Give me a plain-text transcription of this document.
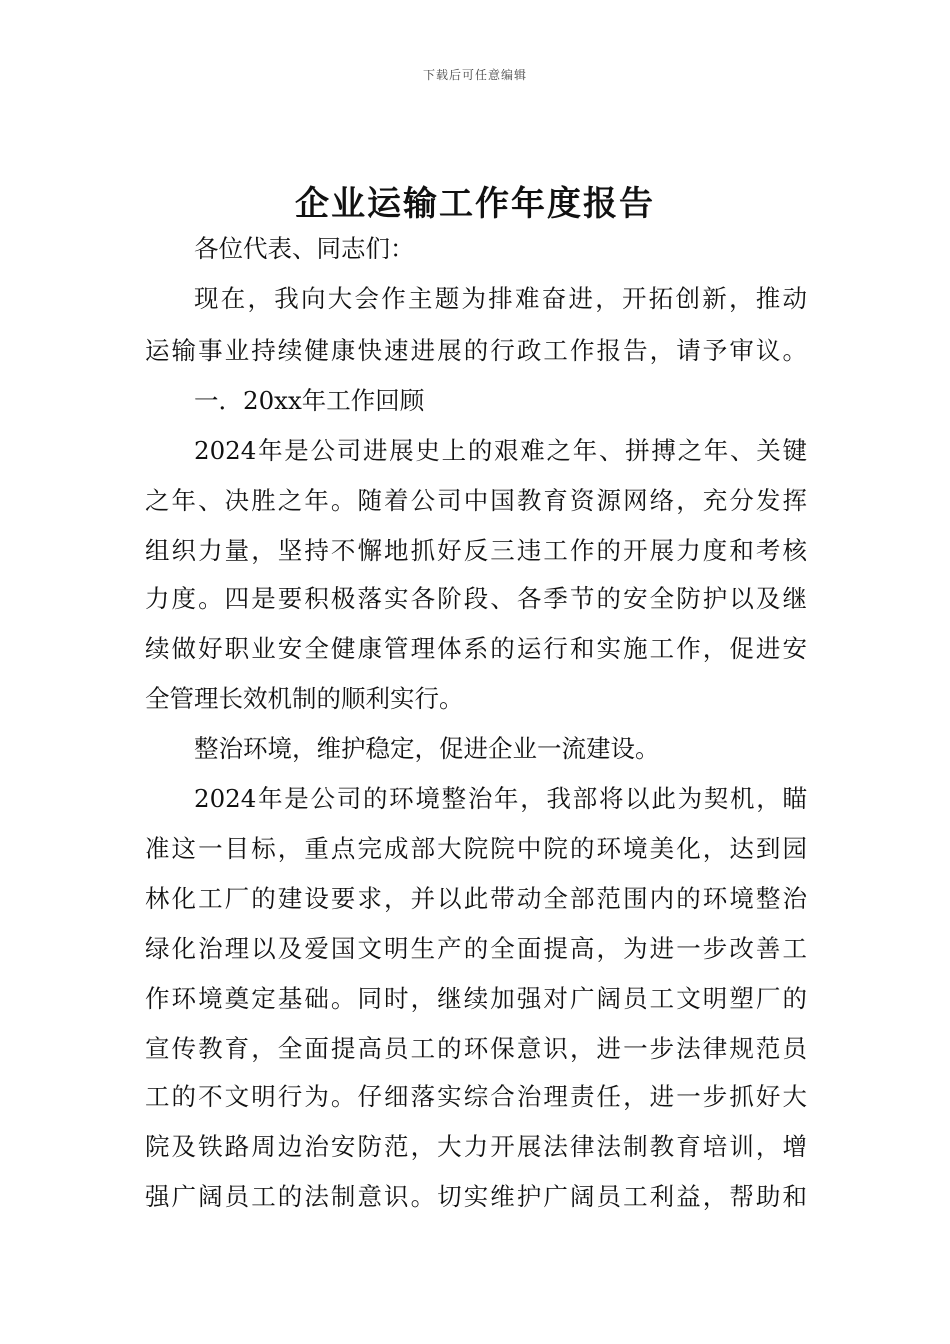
下载后可任意编辑
企业运输工作年度报告
各位代表、同志们：
现在，我向大会作主题为排难奋进，开拓创新，推动
运输事业持续健康快速进展的行政工作报告，请予审议。
一．20xx年工作回顾
2024年是公司进展史上的艰难之年、拼搏之年、关键
之年、决胜之年。随着公司中国教育资源网络，充分发挥
组织力量，坚持不懈地抓好反三违工作的开展力度和考核
力度。四是要积极落实各阶段、各季节的安全防护以及继
续做好职业安全健康管理体系的运行和实施工作，促进安
全管理长效机制的顺利实行。
整治环境，维护稳定，促进企业一流建设。
2024年是公司的环境整治年，我部将以此为契机，瞄
准这一目标，重点完成部大院院中院的环境美化，达到园
林化工厂的建设要求，并以此带动全部范围内的环境整治
绿化治理以及爱国文明生产的全面提高，为进一步改善工
作环境奠定基础。同时，继续加强对广阔员工文明塑厂的
宣传教育，全面提高员工的环保意识，进一步法律规范员
工的不文明行为。仔细落实综合治理责任，进一步抓好大
院及铁路周边治安防范，大力开展法律法制教育培训，增
强广阔员工的法制意识。切实维护广阔员工利益，帮助和
